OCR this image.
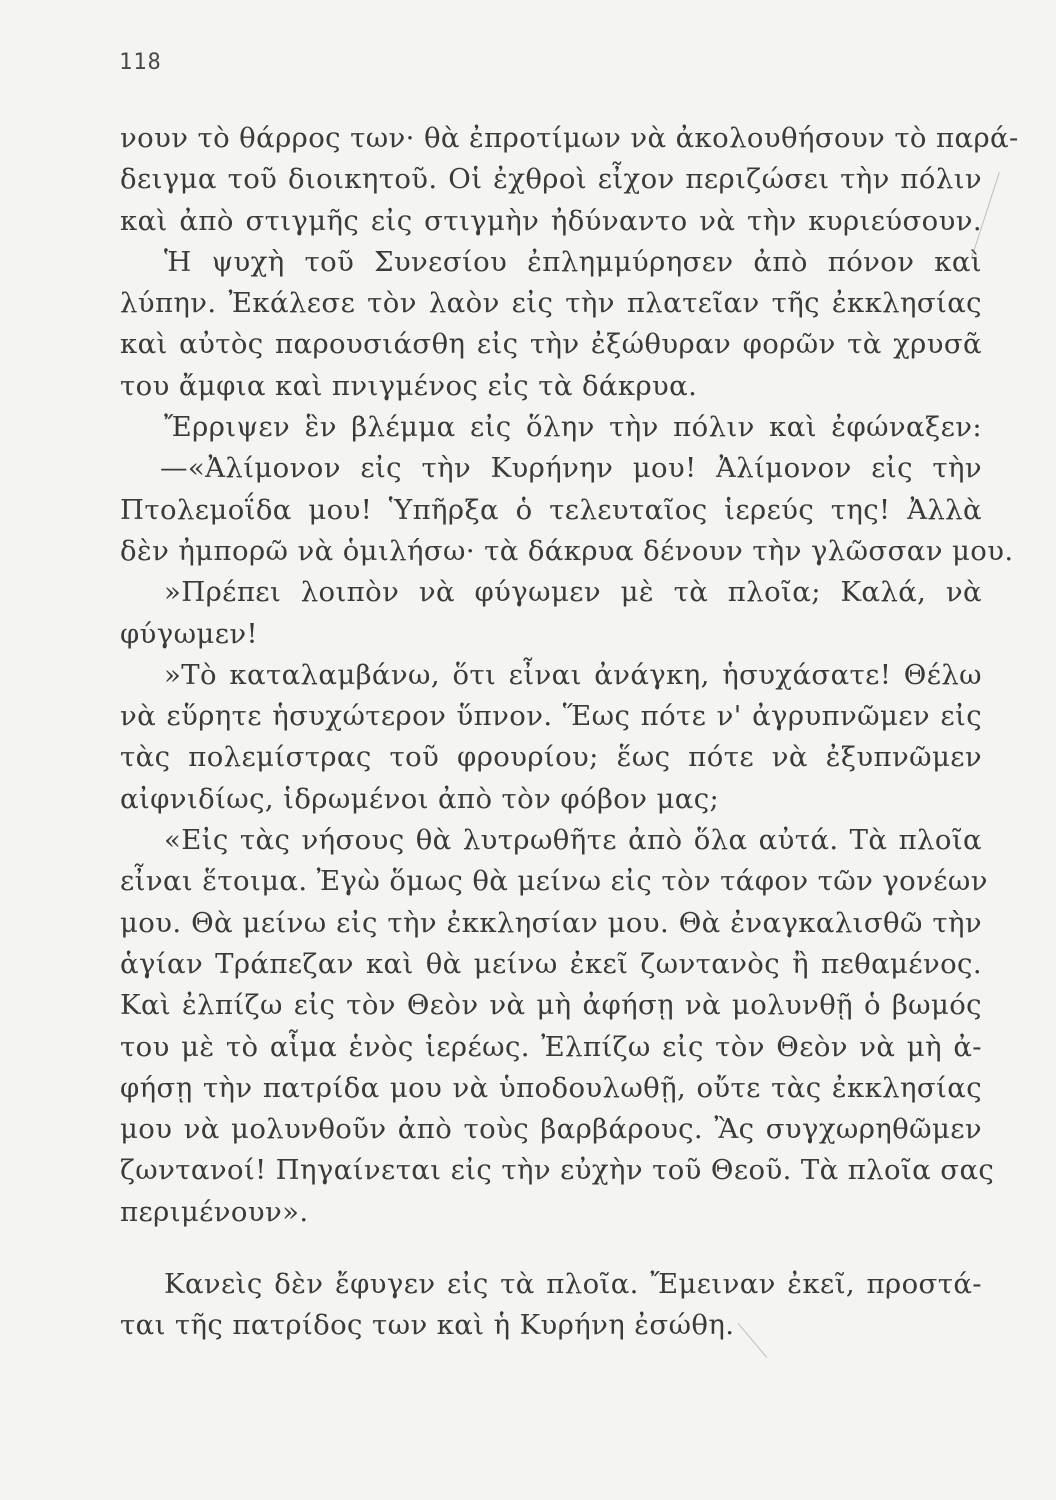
118
νουν τὸ θάρρος των· θὰ ἐπροτίμων νὰ ἀκολουθήσουν τὸ παρά-
δειγμα τοῦ διοικητοῦ. Οἱ ἐχθροὶ εἶχον περιζώσει τὴν πόλιν
καὶ ἀπὸ στιγμῆς εἰς στιγμὴν ἠδύναντο νὰ τὴν κυριεύσουν.
Ἡ ψυχὴ τοῦ Συνεσίου ἐπλημμύρησεν ἀπὸ πόνον καὶ
λύπην. Ἐκάλεσε τὸν λαὸν εἰς τὴν πλατεῖαν τῆς ἐκκλησίας
καὶ αὐτὸς παρουσιάσθη εἰς τὴν ἐξώθυραν φορῶν τὰ χρυσᾶ
του ἄμφια καὶ πνιγμένος εἰς τὰ δάκρυα.
Ἔρριψεν ἓν βλέμμα εἰς ὅλην τὴν πόλιν καὶ ἐφώναξεν:
—«Ἀλίμονον εἰς τὴν Κυρήνην μου! Ἀλίμονον εἰς τὴν
Πτολεμοΐδα μου! Ὑπῆρξα ὁ τελευταῖος ἱερεύς της! Ἀλλὰ
δὲν ἠμπορῶ νὰ ὁμιλήσω· τὰ δάκρυα δένουν τὴν γλῶσσαν μου.
»Πρέπει λοιπὸν νὰ φύγωμεν μὲ τὰ πλοῖα; Καλά, νὰ
φύγωμεν!
»Τὸ καταλαμβάνω, ὅτι εἶναι ἀνάγκη, ἡσυχάσατε! Θέλω
νὰ εὕρητε ἡσυχώτερον ὕπνον. Ἕως πότε ν' ἀγρυπνῶμεν εἰς
τὰς πολεμίστρας τοῦ φρουρίου; ἕως πότε νὰ ἐξυπνῶμεν
αἰφνιδίως, ἱδρωμένοι ἀπὸ τὸν φόβον μας;
«Εἰς τὰς νήσους θὰ λυτρωθῆτε ἀπὸ ὅλα αὐτά. Τὰ πλοῖα
εἶναι ἕτοιμα. Ἐγὼ ὅμως θὰ μείνω εἰς τὸν τάφον τῶν γονέων
μου. Θὰ μείνω εἰς τὴν ἐκκλησίαν μου. Θὰ ἐναγκαλισθῶ τὴν
ἁγίαν Τράπεζαν καὶ θὰ μείνω ἐκεῖ ζωντανὸς ἢ πεθαμένος.
Καὶ ἐλπίζω εἰς τὸν Θεὸν νὰ μὴ ἀφήσῃ νὰ μολυνθῇ ὁ βωμός
του μὲ τὸ αἷμα ἑνὸς ἱερέως. Ἐλπίζω εἰς τὸν Θεὸν νὰ μὴ ἀ-
φήσῃ τὴν πατρίδα μου νὰ ὑποδουλωθῇ, οὔτε τὰς ἐκκλησίας
μου νὰ μολυνθοῦν ἀπὸ τοὺς βαρβάρους. Ἂς συγχωρηθῶμεν
ζωντανοί! Πηγαίνεται εἰς τὴν εὐχὴν τοῦ Θεοῦ. Τὰ πλοῖα σας
περιμένουν».
Κανεὶς δὲν ἔφυγεν εἰς τὰ πλοῖα. Ἔμειναν ἐκεῖ, προστά-
ται τῆς πατρίδος των καὶ ἡ Κυρήνη ἐσώθη.
